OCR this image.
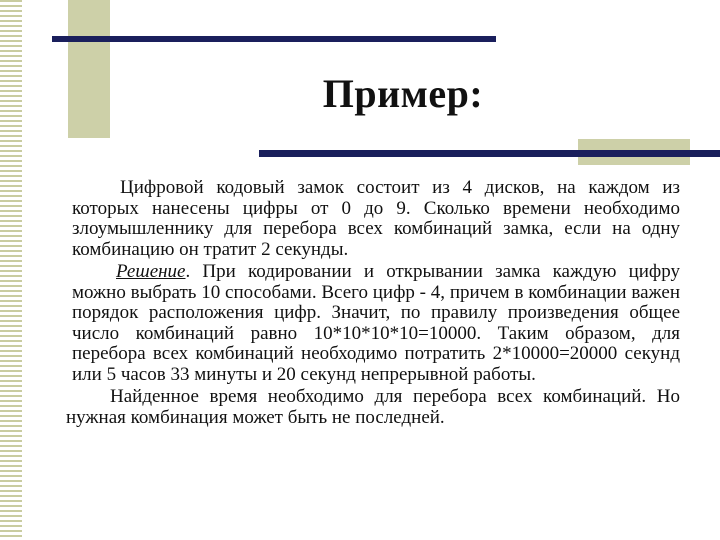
Пример:

Цифровой кодовый замок состоит из 4 дисков, на каждом из которых нанесены цифры от 0 до 9. Сколько времени необходимо злоумышленнику для перебора всех комбинаций замка, если на одну комбинацию он тратит 2 секунды.

Решение. При кодировании и открывании замка каждую цифру можно выбрать 10 способами. Всего цифр - 4, причем в комбинации важен порядок расположения цифр. Значит, по правилу произведения общее число комбинаций равно 10*10*10*10=10000. Таким образом, для перебора всех комбинаций необходимо потратить 2*10000=20000 секунд или 5 часов 33 минуты и 20 секунд непрерывной работы.

Найденное время необходимо для перебора всех комбинаций. Но нужная комбинация может быть не последней.
